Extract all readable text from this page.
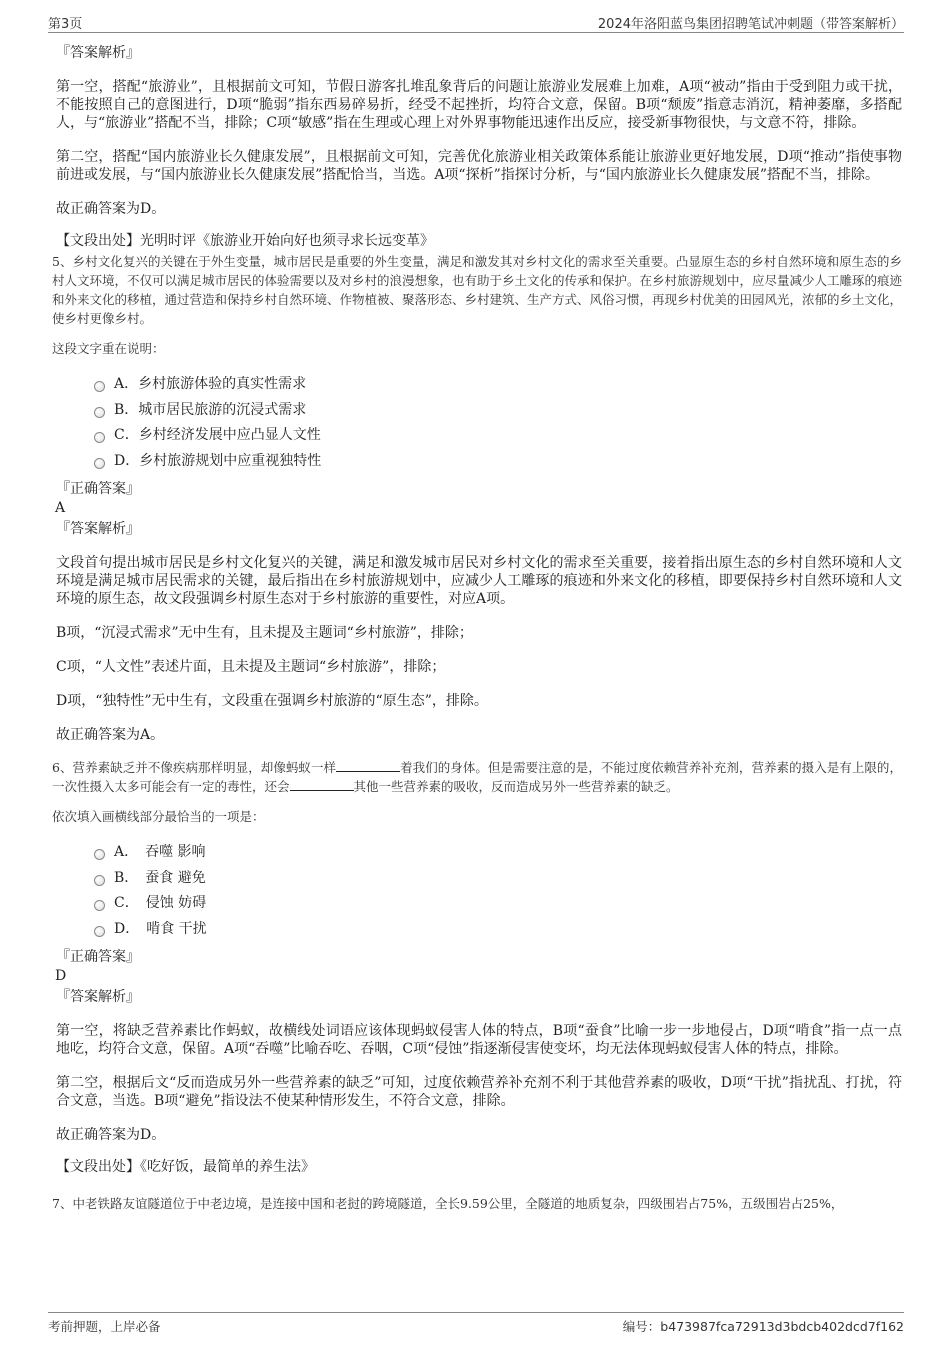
第3页	2024年洛阳蓝鸟集团招聘笔试冲刺题（带答案解析）
『答案解析』
第一空，搭配“旅游业”，且根据前文可知，节假日游客扎堆乱象背后的问题让旅游业发展难上加难，A项“被动”指由于受到阻力或干扰，不能按照自己的意图进行，D项“脆弱”指东西易碎易折，经受不起挫折，均符合文意，保留。B项“颓废”指意志消沉，精神萎靡，多搭配人，与“旅游业”搭配不当，排除；C项“敏感”指在生理或心理上对外界事物能迅速作出反应，接受新事物很快，与文意不符，排除。
第二空，搭配“国内旅游业长久健康发展”，且根据前文可知，完善优化旅游业相关政策体系能让旅游业更好地发展，D项“推动”指使事物前进或发展，与“国内旅游业长久健康发展”搭配恰当，当选。A项“探析”指探讨分析，与“国内旅游业长久健康发展”搭配不当，排除。
故正确答案为D。
【文段出处】光明时评《旅游业开始向好也须寻求长远变革》
5、乡村文化复兴的关键在于外生变量，城市居民是重要的外生变量，满足和激发其对乡村文化的需求至关重要。凸显原生态的乡村自然环境和原生态的乡村人文环境，不仅可以满足城市居民的体验需要以及对乡村的浪漫想象，也有助于乡土文化的传承和保护。在乡村旅游规划中，应尽量减少人工雕琢的痕迹和外来文化的移植，通过营造和保持乡村自然环境、作物植被、聚落形态、乡村建筑、生产方式、风俗习惯，再现乡村优美的田园风光，浓郁的乡土文化，使乡村更像乡村。
这段文字重在说明：
A．乡村旅游体验的真实性需求
B．城市居民旅游的沉浸式需求
C．乡村经济发展中应凸显人文性
D．乡村旅游规划中应重视独特性
『正确答案』
A
『答案解析』
文段首句提出城市居民是乡村文化复兴的关键，满足和激发城市居民对乡村文化的需求至关重要，接着指出原生态的乡村自然环境和人文环境是满足城市居民需求的关键，最后指出在乡村旅游规划中，应减少人工雕琢的痕迹和外来文化的移植，即要保持乡村自然环境和人文环境的原生态，故文段强调乡村原生态对于乡村旅游的重要性，对应A项。
B项，“沉浸式需求”无中生有，且未提及主题词“乡村旅游”，排除；
C项，“人文性”表述片面，且未提及主题词“乡村旅游”，排除；
D项，“独特性”无中生有，文段重在强调乡村旅游的“原生态”，排除。
故正确答案为A。
6、营养素缺乏并不像疾病那样明显，却像蚂蚁一样	着我们的身体。但是需要注意的是，不能过度依赖营养补充剂，营养素的摄入是有上限的，一次性摄入太多可能会有一定的毒性，还会	其他一些营养素的吸收，反而造成另外一些营养素的缺乏。
依次填入画横线部分最恰当的一项是：
A．　吞噬 影响
B．　蚕食 避免
C．　侵蚀 妨碍
D．　啃食 干扰
『正确答案』
D
『答案解析』
第一空，将缺乏营养素比作蚂蚁，故横线处词语应该体现蚂蚁侵害人体的特点，B项“蚕食”比喻一步一步地侵占，D项“啃食”指一点一点地吃，均符合文意，保留。A项“吞噬”比喻吞吃、吞咽，C项“侵蚀”指逐渐侵害使变坏，均无法体现蚂蚁侵害人体的特点，排除。
第二空，根据后文“反而造成另外一些营养素的缺乏”可知，过度依赖营养补充剂不利于其他营养素的吸收，D项“干扰”指扰乱、打扰，符合文意，当选。B项“避免”指设法不使某种情形发生，不符合文意，排除。
故正确答案为D。
【文段出处】《吃好饭，最简单的养生法》
7、中老铁路友谊隧道位于中老边境，是连接中国和老挝的跨境隧道，全长9.59公里，全隧道的地质复杂，四级围岩占75%，五级围岩占25%，
考前押题，上岸必备	编号：b473987fca72913d3bdcb402dcd7f162
